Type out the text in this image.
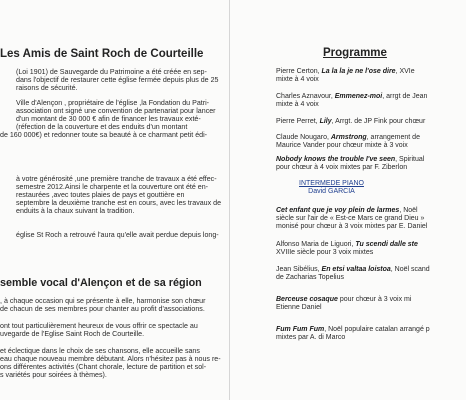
Les Amis de Saint Roch de Courteille
(Loi 1901) de Sauvegarde du Patrimoine a été créée en sep-
dans l'objectif de restaurer cette église fermée depuis plus de 25
raisons de sécurité.
Ville d'Alençon , propriétaire de l'église ,la Fondation du Patri-
association ont signé une convention de partenariat pour lancer
d'un montant de 30 000 € afin de financer les travaux exté-
(réfection de la couverture et des enduits d'un montant
de 160 000€) et redonner toute sa beauté à ce charmant petit édi-
à votre générosité ,une première tranche de travaux a été effec-
semestre 2012.Ainsi le charpente et la couverture ont été en-
restaurées ,avec toutes plaies de pays et gouttière en
septembre la deuxième tranche est en cours, avec les travaux de
enduits à la chaux suivant la tradition.
église St Roch a retrouvé l'aura qu'elle avait perdue depuis long-
semble vocal d'Alençon et de sa région
, à chaque occasion qui se présente à elle, harmonise son chœur
de chacun de ses membres pour chanter au profit d'associations.
ont tout particulièrement heureux de vous offrir ce spectacle au
uvegarde de l'Eglise Saint Roch de Courteille.
et éclectique dans le choix de ses chansons, elle accueille sans
eau chaque nouveau membre débutant. Alors n'hésitez pas à nous re-
ons différentes activités (Chant chorale, lecture de partition et sol-
s variétés pour soirées à thèmes).
Programme
Pierre Certon, La la la je ne l'ose dire, XVIe
mixte à 4 voix
Charles Aznavour, Emmenez-moi, arrgt de Jean
mixte à 4 voix
Pierre Perret, Lily, Arrgt. de JP Fink pour chœur
Claude Nougaro, Armstrong, arrangement de
Maurice Vander pour chœur mixte à 3 voix
Nobody knows the trouble I've seen, Spiritual
pour chœur à 4 voix mixtes par F. Ziberlon
INTERMEDE PIANO
David GARCIA
Cet enfant que je voy plein de larmes, Noël
siècle sur l'air de « Est-ce Mars ce grand Dieu »
monisé pour chœur à 3 voix mixtes par E. Daniel
Alfonso Maria de Liguori, Tu scendi dalle ste
XVIIIe siècle pour 3 voix mixtes
Jean Sibélius, En etsi valtaa loistoa, Noël scand
de Zacharias Topelius
Berceuse cosaque pour chœur à 3 voix mi
Etienne Daniel
Fum Fum Fum, Noël populaire catalan arrangé p
mixtes par A. di Marco
